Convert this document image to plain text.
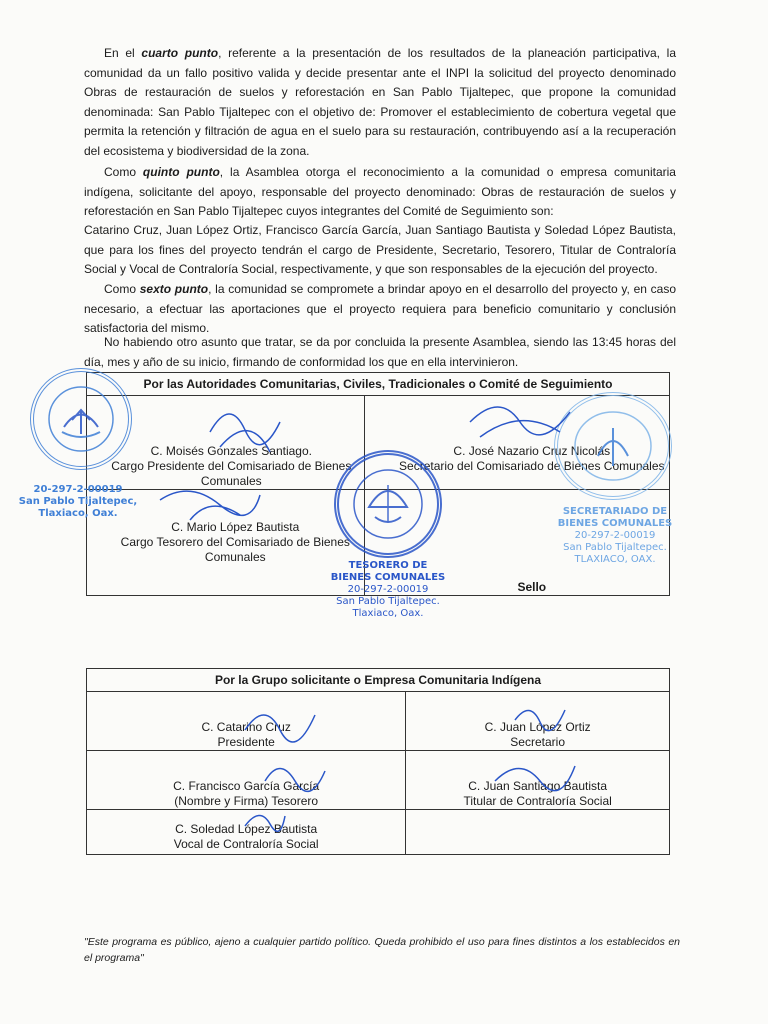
En el cuarto punto, referente a la presentación de los resultados de la planeación participativa, la comunidad da un fallo positivo valida y decide presentar ante el INPI la solicitud del proyecto denominado Obras de restauración de suelos y reforestación en San Pablo Tijaltepec, que propone la comunidad denominada: San Pablo Tijaltepec con el objetivo de: Promover el establecimiento de cobertura vegetal que permita la retención y filtración de agua en el suelo para su restauración, contribuyendo así a la recuperación del ecosistema y biodiversidad de la zona.

Como quinto punto, la Asamblea otorga el reconocimiento a la comunidad o empresa comunitaria indígena, solicitante del apoyo, responsable del proyecto denominado: Obras de restauración de suelos y reforestación en San Pablo Tijaltepec cuyos integrantes del Comité de Seguimiento son:

Catarino Cruz, Juan López Ortiz, Francisco García García, Juan Santiago Bautista y Soledad López Bautista, que para los fines del proyecto tendrán el cargo de Presidente, Secretario, Tesorero, Titular de Contraloría Social y Vocal de Contraloría Social, respectivamente, y que son responsables de la ejecución del proyecto.

Como sexto punto, la comunidad se compromete a brindar apoyo en el desarrollo del proyecto y, en caso necesario, a efectuar las aportaciones que el proyecto requiera para beneficio comunitario y conclusión satisfactoria del mismo.

No habiendo otro asunto que tratar, se da por concluida la presente Asamblea, siendo las 13:45 horas del día, mes y año de su inicio, firmando de conformidad los que en ella intervinieron.

Por las Autoridades Comunitarias, Civiles, Tradicionales o Comité de Seguimiento	

C. Moisés Gonzales Santiago.
Cargo Presidente del Comisariado de Bienes
Comunales	C. José Nazario Cruz Nicolás
Secretario del Comisariado de Bienes Comunales

C. Mario López Bautista
Cargo Tesorero del Comisariado de Bienes
Comunales	Sello
Por la Grupo solicitante o Empresa Comunitaria Indígena	

C. Catarino Cruz
Presidente	C. Juan López Ortiz
Secretario

C. Francisco García García
(Nombre y Firma) Tesorero	C. Juan Santiago Bautista
Titular de Contraloría Social

C. Soledad López Bautista
Vocal de Contraloría Social	

20-297-2-00019
San Pablo Tijaltepec,
Tlaxiaco, Oax.
TESORERO DE
BIENES COMUNALES
20-297-2-00019
San Pablo Tijaltepec.
Tlaxiaco, Oax.
SECRETARIADO DE
BIENES COMUNALES
20-297-2-00019
San Pablo Tijaltepec.
TLAXIACO, OAX.
"Este programa es público, ajeno a cualquier partido político. Queda prohibido el uso para fines distintos a los establecidos en el programa"
